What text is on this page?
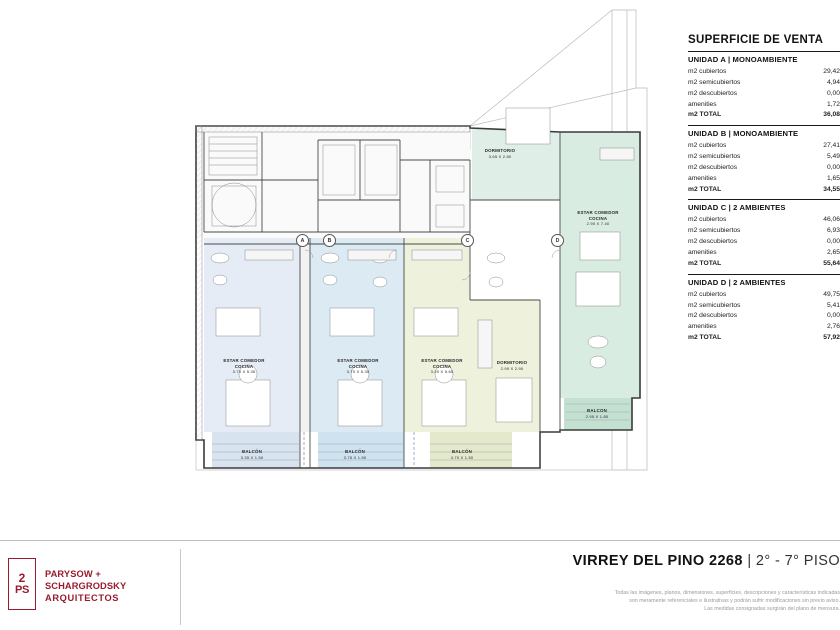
DORMITORIO
3.65 X 2.80
ESTAR COMEDOR
COCINA
2.90 X 7.40
ESTAR COMEDOR
COCINA
3.70 X 5.35
ESTAR COMEDOR
COCINA
3.70 X 5.35
ESTAR COMEDOR
COCINA
3.20 X 5.65
DORMITORIO
2.90 X 2.90
BALCON
2.95 X 1.80
BALCÓN
3.35 X 1.50
BALCÓN
3.75 X 1.50
BALCÓN
4.70 X 1.50
A	B	C	D
SUPERFICIE DE VENTA
UNIDAD A | MONOAMBIENTE
m2 cubiertos	29,42
m2 semicubiertos	4,94
m2 descubiertos	0,00
amenities	1,72
m2 TOTAL	36,08
UNIDAD B | MONOAMBIENTE
m2 cubiertos	27,41
m2 semicubiertos	5,49
m2 descubiertos	0,00
amenities	1,65
m2 TOTAL	34,55
UNIDAD C | 2 AMBIENTES
m2 cubiertos	46,06
m2 semicubiertos	6,93
m2 descubiertos	0,00
amenities	2,65
m2 TOTAL	55,64
UNIDAD D | 2 AMBIENTES
m2 cubiertos	49,75
m2 semicubiertos	5,41
m2 descubiertos	0,00
amenities	2,76
m2 TOTAL	57,92
2
PS
PARYSOW +
SCHARGRODSKY
ARQUITECTOS
VIRREY DEL PINO 2268 | 2° - 7° PISO
Todas las imágenes, planos, dimensiones, superficies, descripciones y características indicadas
son meramente referenciales e ilustrativas y podrán sufrir modificaciones sin previo aviso.
Las medidas consignadas surgirán del plano de mensura.
